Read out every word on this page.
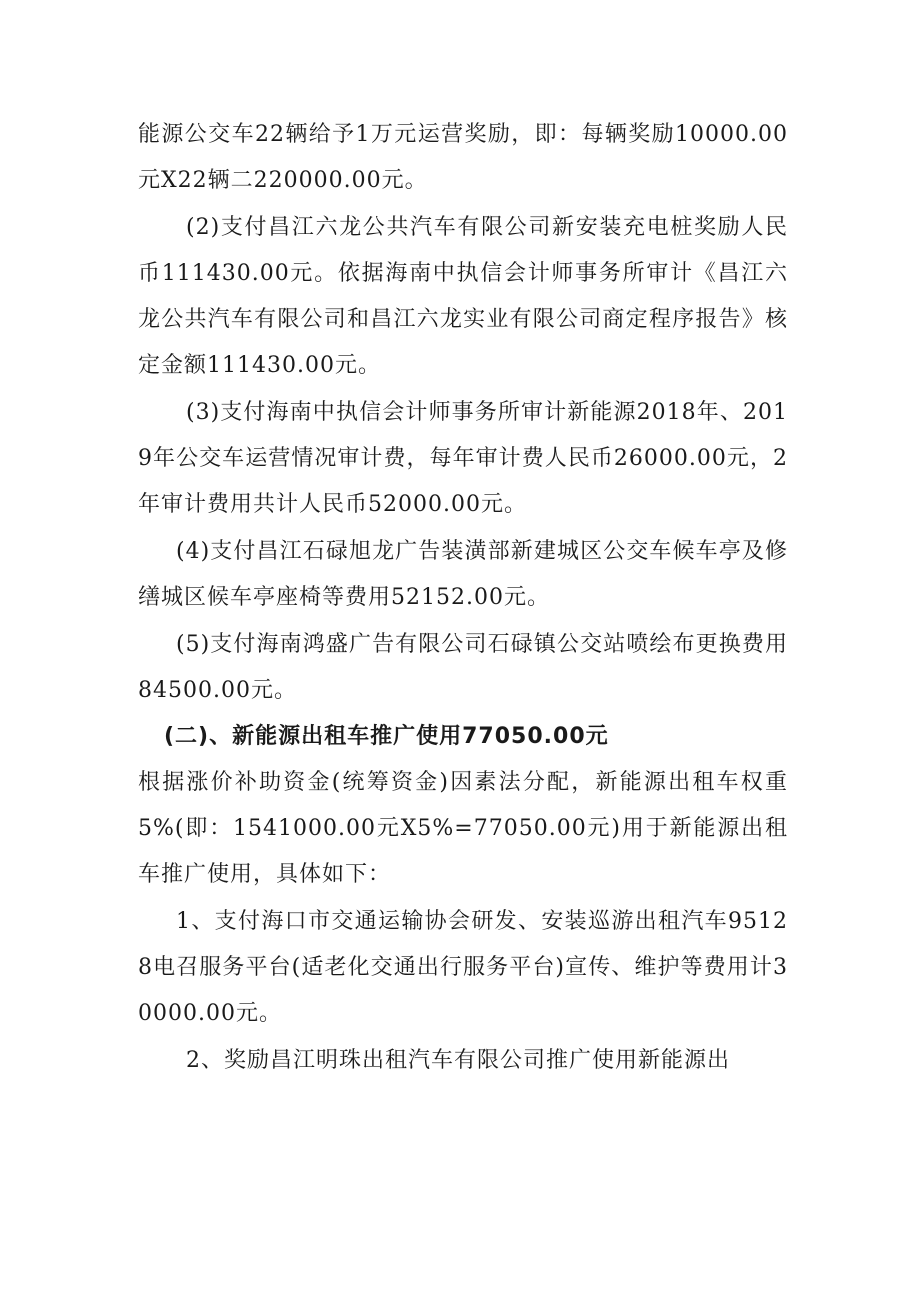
能源公交车22辆给予1万元运营奖励，即：每辆奖励10000.00元X22辆二220000.00元。

(2)支付昌江六龙公共汽车有限公司新安装充电桩奖励人民币111430.00元。依据海南中执信会计师事务所审计《昌江六龙公共汽车有限公司和昌江六龙实业有限公司商定程序报告》核定金额111430.00元。

(3)支付海南中执信会计师事务所审计新能源2018年、2019年公交车运营情况审计费，每年审计费人民币26000.00元，2年审计费用共计人民币52000.00元。

(4)支付昌江石碌旭龙广告装潢部新建城区公交车候车亭及修缮城区候车亭座椅等费用52152.00元。

(5)支付海南鸿盛广告有限公司石碌镇公交站喷绘布更换费用84500.00元。

(二)、新能源出租车推广使用77050.00元

根据涨价补助资金(统筹资金)因素法分配，新能源出租车权重5%(即：1541000.00元X5%=77050.00元)用于新能源出租车推广使用，具体如下：

1、支付海口市交通运输协会研发、安装巡游出租汽车95128电召服务平台(适老化交通出行服务平台)宣传、维护等费用计30000.00元。

2、奖励昌江明珠出租汽车有限公司推广使用新能源出
